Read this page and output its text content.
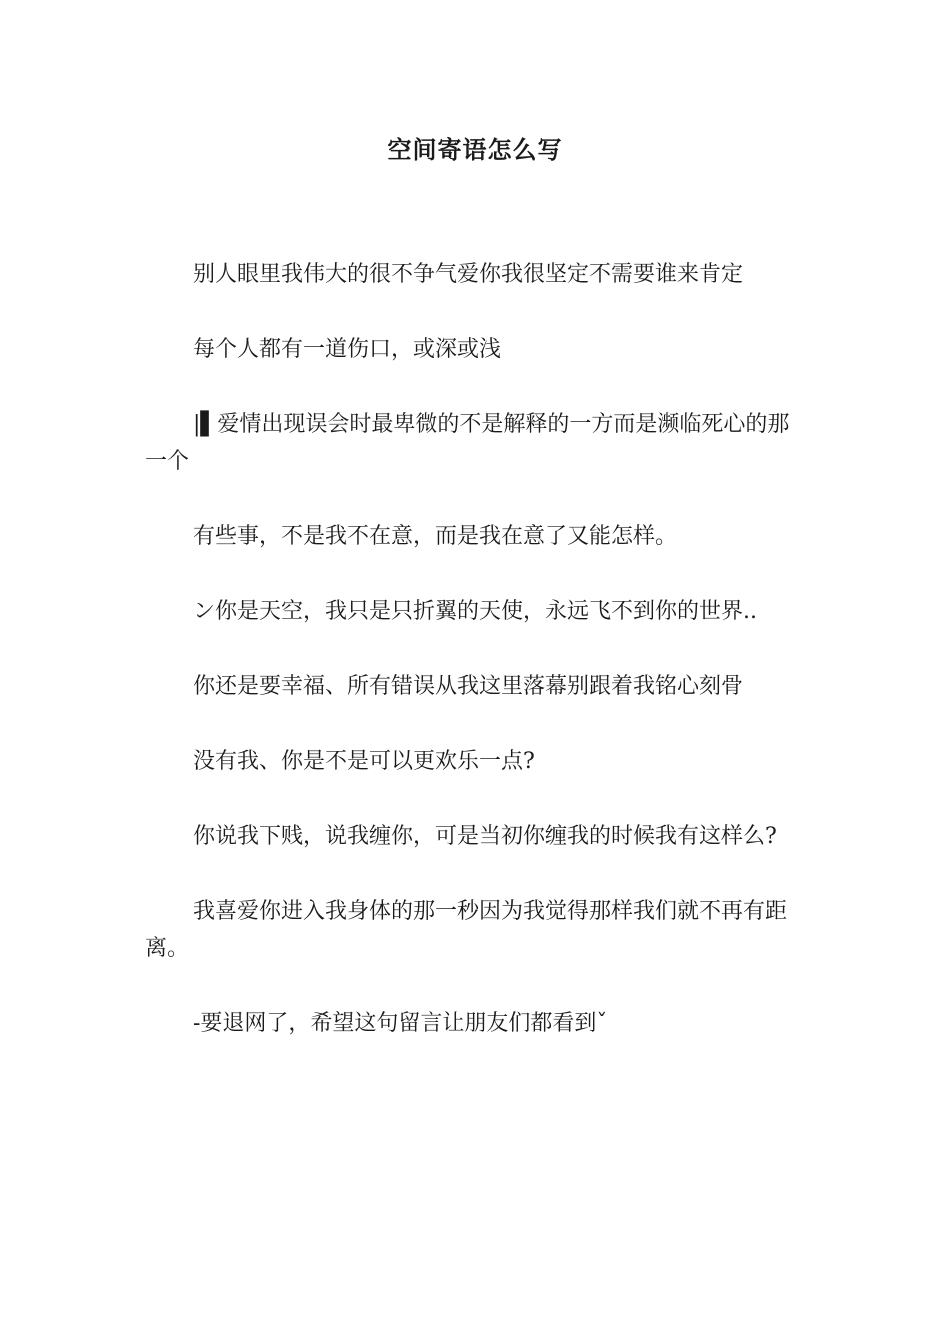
空间寄语怎么写

别人眼里我伟大的很不争气爱你我很坚定不需要谁来肯定

每个人都有一道伤口，或深或浅

|▌爱情出现误会时最卑微的不是解释的一方而是濒临死心的那一个

有些事，不是我不在意，而是我在意了又能怎样。

ン你是天空，我只是只折翼的天使，永远飞不到你的世界..

你还是要幸福、所有错误从我这里落幕别跟着我铭心刻骨

没有我、你是不是可以更欢乐一点?

你说我下贱，说我缠你，可是当初你缠我的时候我有这样么?

我喜爱你进入我身体的那一秒因为我觉得那样我们就不再有距离。

-要退网了，希望这句留言让朋友们都看到ˇ
